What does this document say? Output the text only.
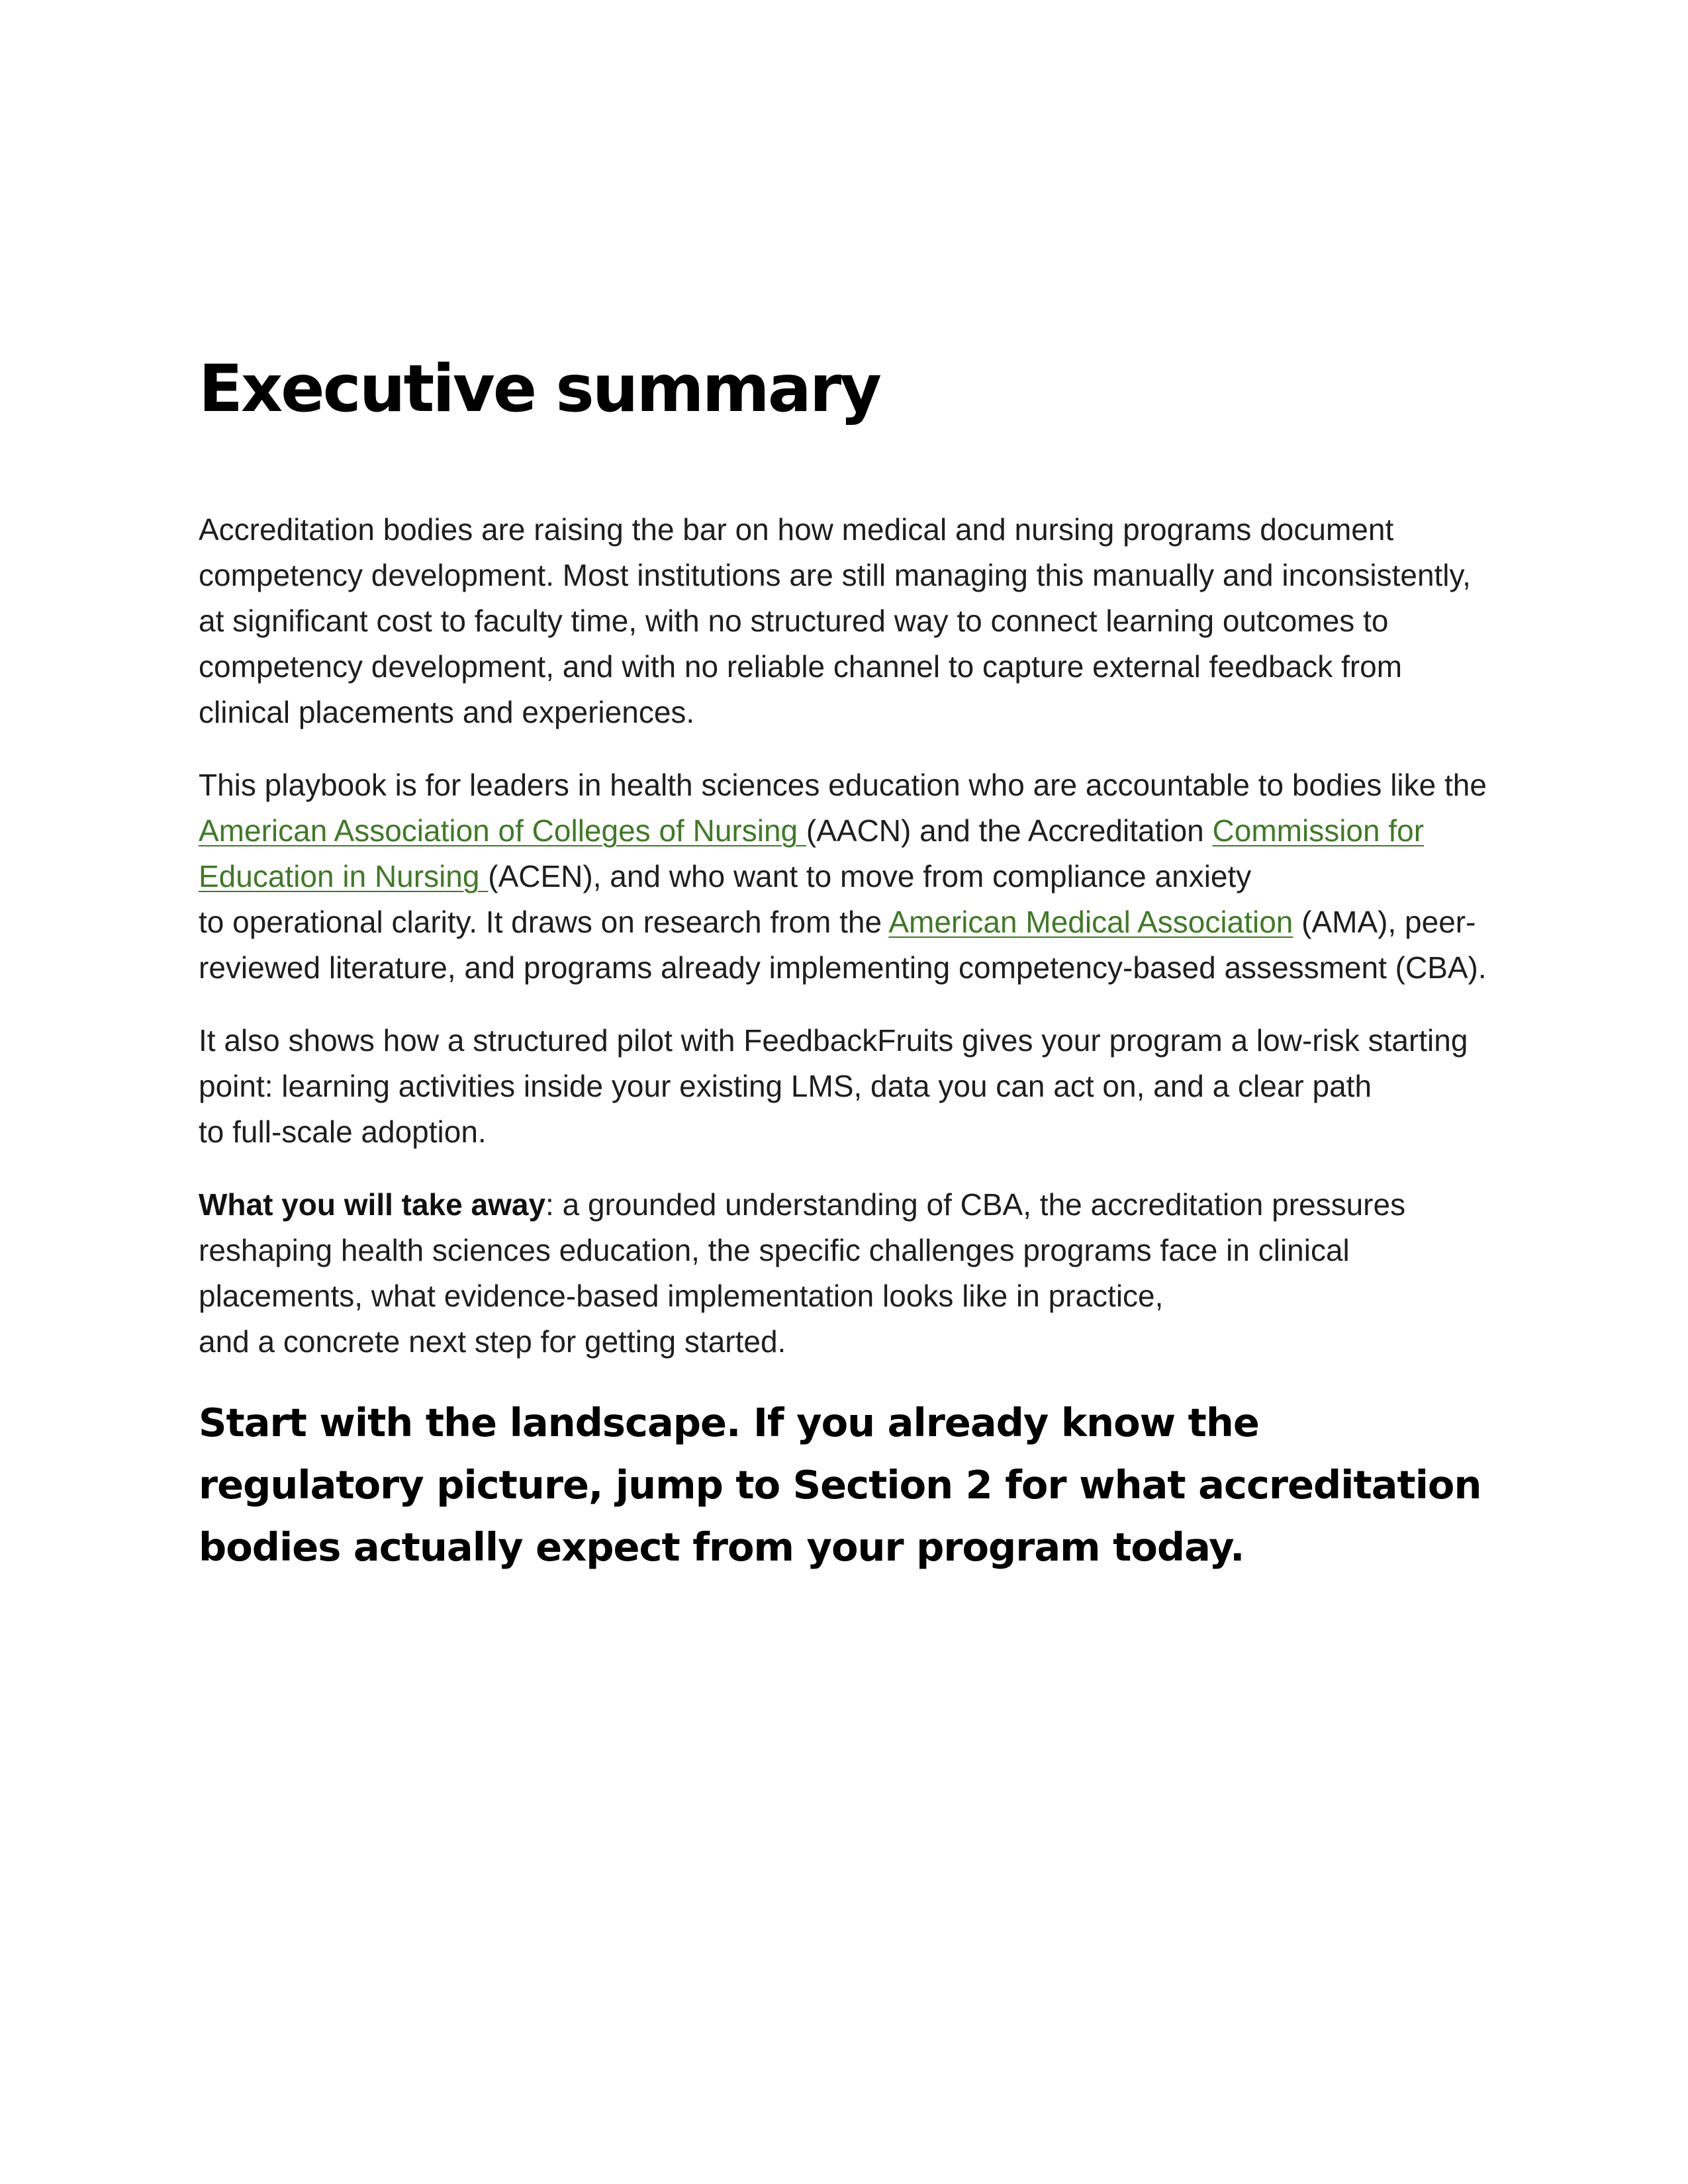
Executive summary

Accreditation bodies are raising the bar on how medical and nursing programs document competency development. Most institutions are still managing this manually and inconsistently, at significant cost to faculty time, with no structured way to connect learning outcomes to competency development, and with no reliable channel to capture external feedback from clinical placements and experiences.

This playbook is for leaders in health sciences education who are accountable to bodies like the American Association of Colleges of Nursing (AACN) and the Accreditation Commission for Education in Nursing (ACEN), and who want to move from compliance anxiety
to operational clarity. It draws on research from the American Medical Association (AMA), peer-reviewed literature, and programs already implementing competency-based assessment (CBA).

It also shows how a structured pilot with FeedbackFruits gives your program a low-risk starting point: learning activities inside your existing LMS, data you can act on, and a clear path
to full-scale adoption.

What you will take away: a grounded understanding of CBA, the accreditation pressures reshaping health sciences education, the specific challenges programs face in clinical placements, what evidence-based implementation looks like in practice,
and a concrete next step for getting started.

Start with the landscape. If you already know the regulatory picture, jump to Section 2 for what accreditation bodies actually expect from your program today.
